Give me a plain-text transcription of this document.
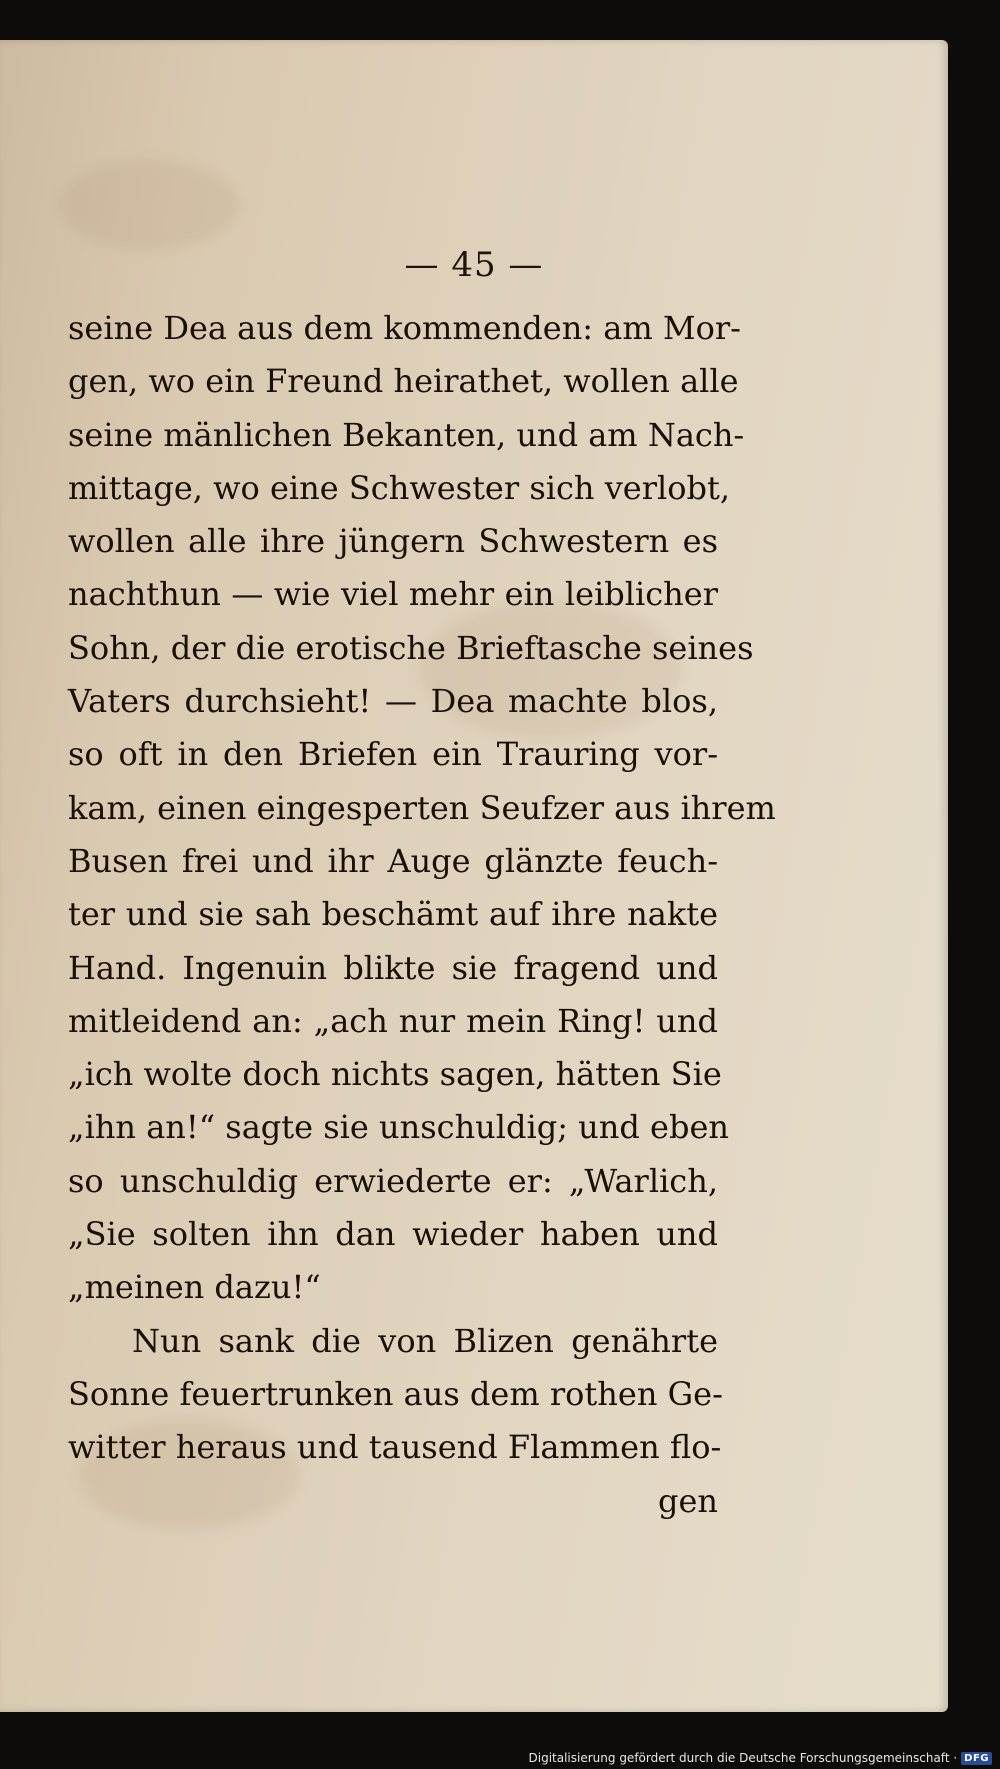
— 45 —
seine Dea aus dem kommenden: am Mor-
gen, wo ein Freund heirathet, wollen alle
seine mänlichen Bekanten, und am Nach-
mittage, wo eine Schwester sich verlobt,
wollen alle ihre jüngern Schwestern es
nachthun — wie viel mehr ein leiblicher
Sohn, der die erotische Brieftasche seines
Vaters durchsieht! — Dea machte blos,
so oft in den Briefen ein Trauring vor-
kam, einen eingesperten Seufzer aus ihrem
Busen frei und ihr Auge glänzte feuch-
ter und sie sah beschämt auf ihre nakte
Hand. Ingenuin blikte sie fragend und
mitleidend an: „ach nur mein Ring! und
„ich wolte doch nichts sagen, hätten Sie
„ihn an!“ sagte sie unschuldig; und eben
so unschuldig erwiederte er: „Warlich,
„Sie solten ihn dan wieder haben und
„meinen dazu!“
Nun sank die von Blizen genährte
Sonne feuertrunken aus dem rothen Ge-
witter heraus und tausend Flammen flo-
gen
Digitalisierung gefördert durch die Deutsche Forschungsgemeinschaft · DFG
